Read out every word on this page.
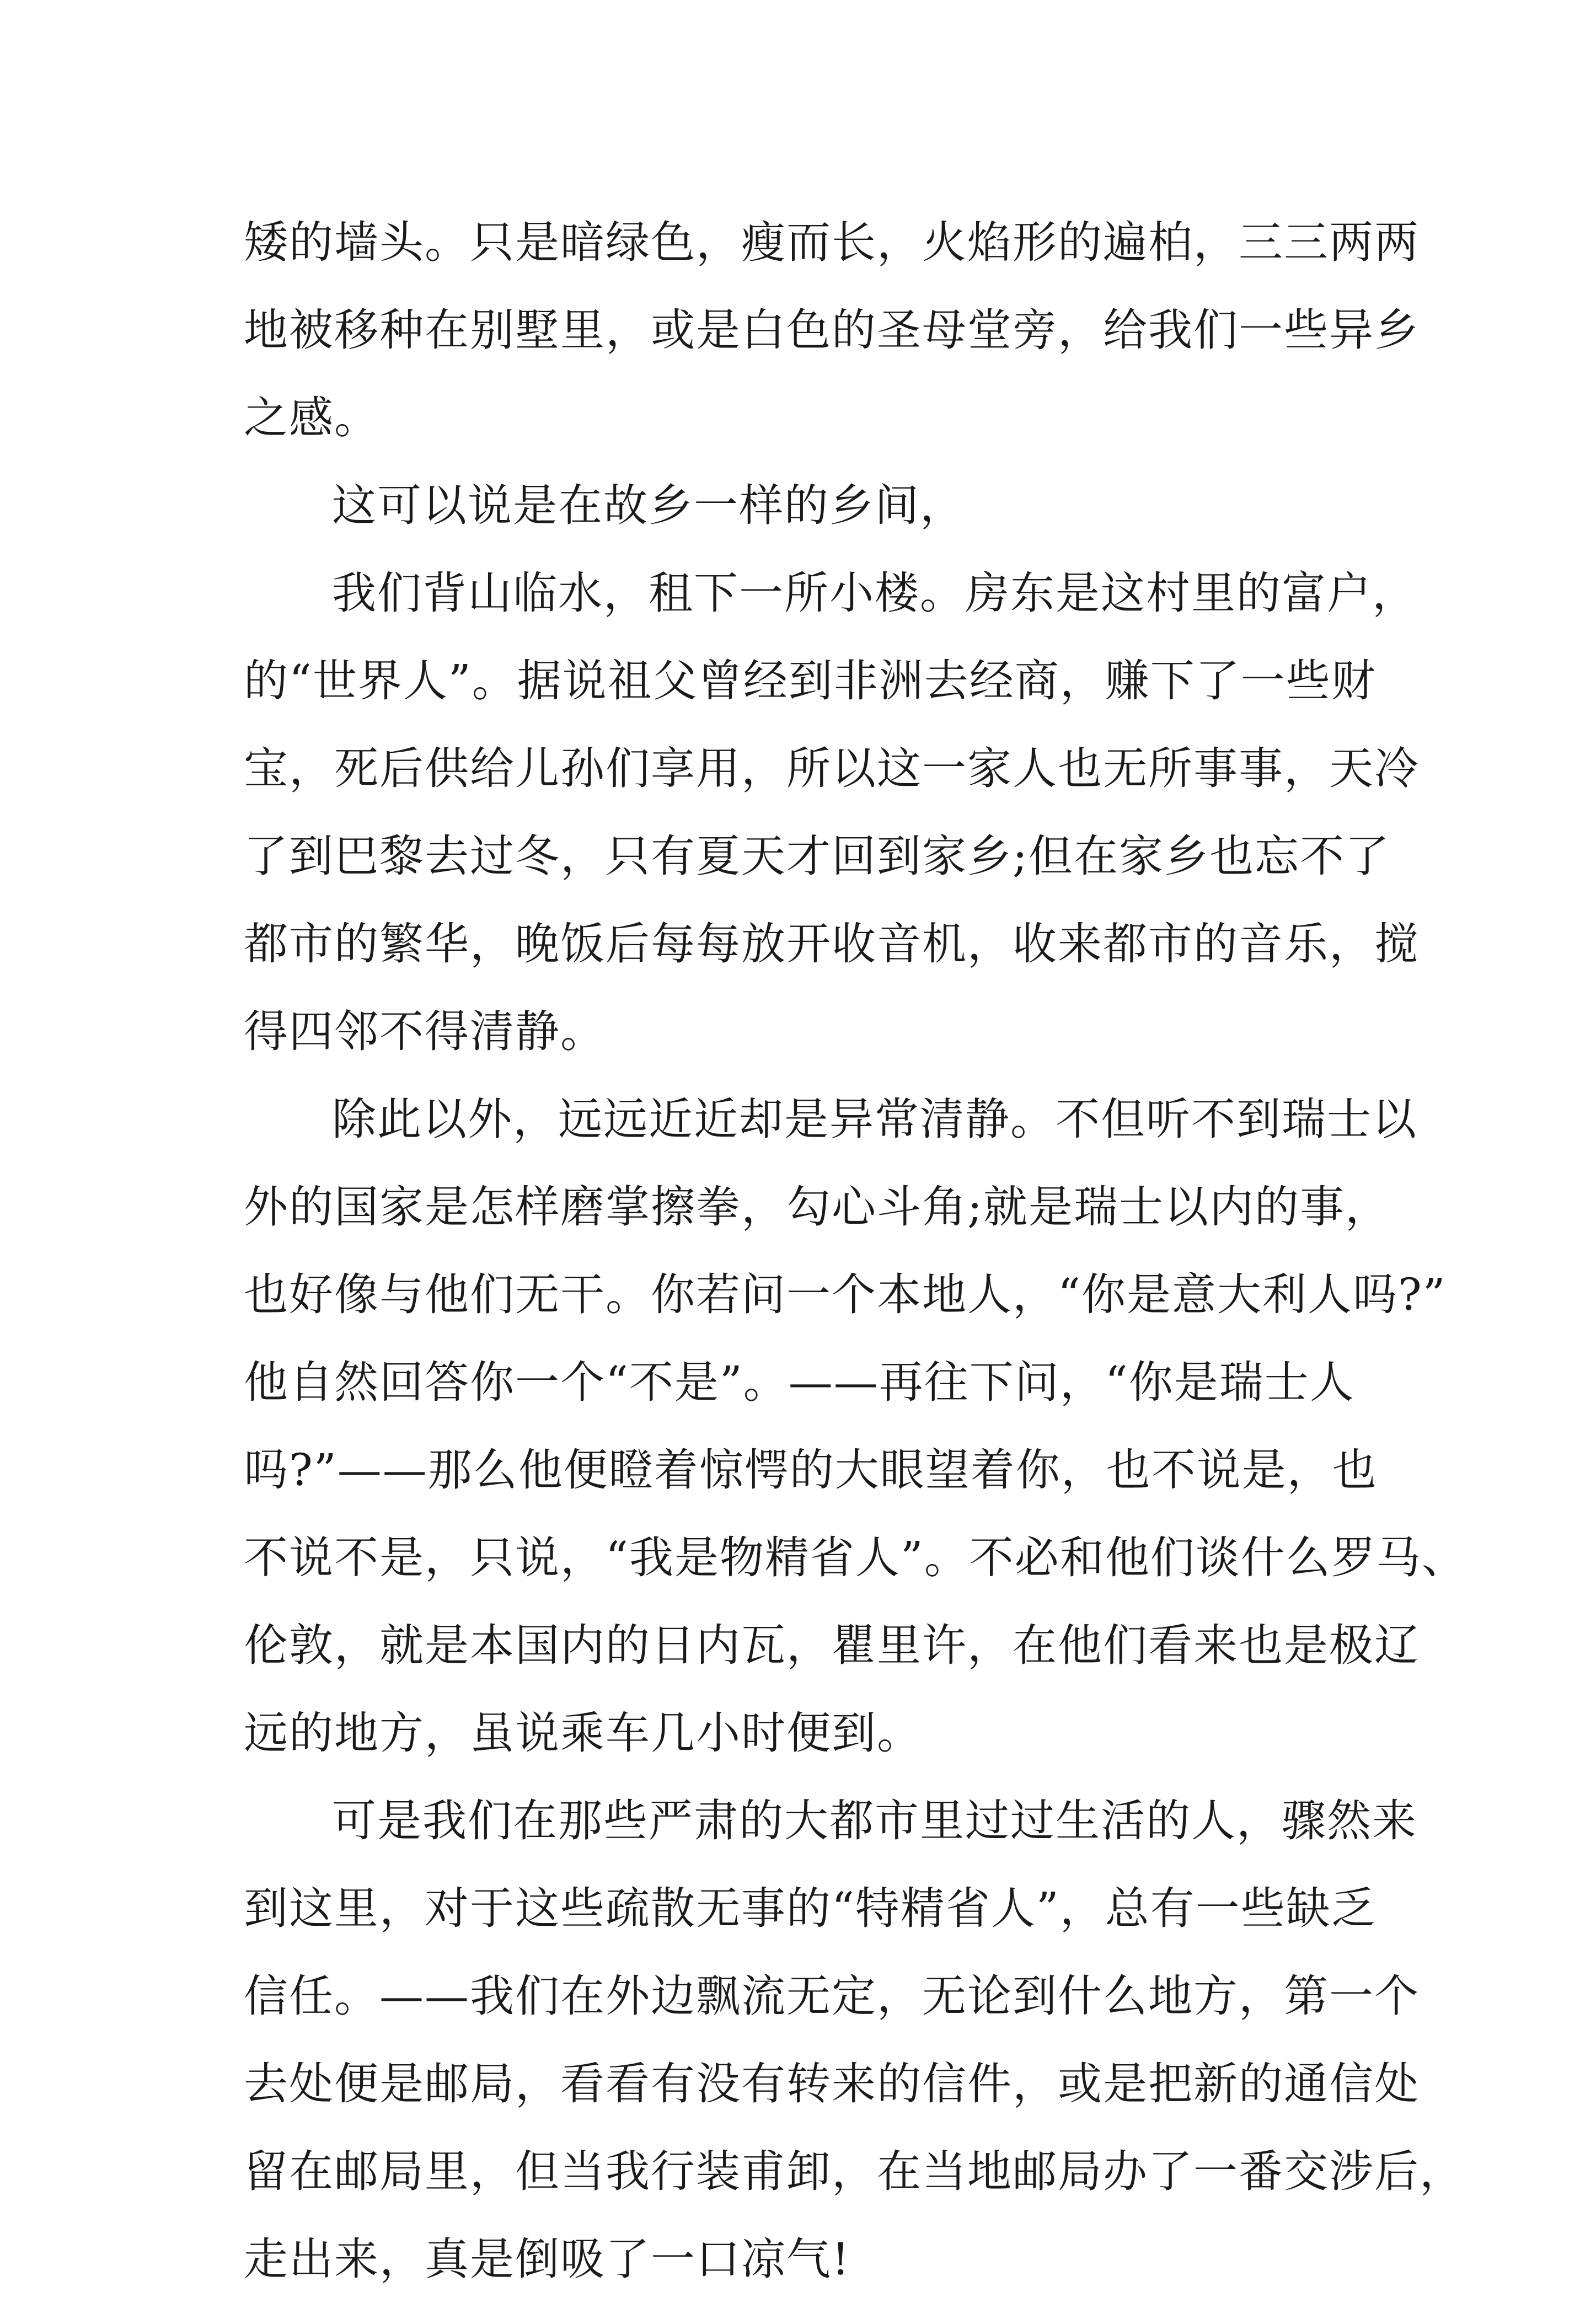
矮的墙头。只是暗绿色，瘦而长，火焰形的遍柏，三三两两
地被移种在别墅里，或是白色的圣母堂旁，给我们一些异乡
之感。
这可以说是在故乡一样的乡间，
我们背山临水，租下一所小楼。房东是这村里的富户，
的“世界人”。据说祖父曾经到非洲去经商，赚下了一些财
宝，死后供给儿孙们享用，所以这一家人也无所事事，天冷
了到巴黎去过冬，只有夏天才回到家乡;但在家乡也忘不了
都市的繁华，晚饭后每每放开收音机，收来都市的音乐，搅
得四邻不得清静。
除此以外，远远近近却是异常清静。不但听不到瑞士以
外的国家是怎样磨掌擦拳，勾心斗角;就是瑞士以内的事，
也好像与他们无干。你若问一个本地人，“你是意大利人吗?”
他自然回答你一个“不是”。——再往下问，“你是瑞士人
吗?”——那么他便瞪着惊愕的大眼望着你，也不说是，也
不说不是，只说，“我是物精省人”。不必和他们谈什么罗马、
伦敦，就是本国内的日内瓦，瞿里许，在他们看来也是极辽
远的地方，虽说乘车几小时便到。
可是我们在那些严肃的大都市里过过生活的人，骤然来
到这里，对于这些疏散无事的“特精省人”，总有一些缺乏
信任。——我们在外边飘流无定，无论到什么地方，第一个
去处便是邮局，看看有没有转来的信件，或是把新的通信处
留在邮局里，但当我行装甫卸，在当地邮局办了一番交涉后，
走出来，真是倒吸了一口凉气!
